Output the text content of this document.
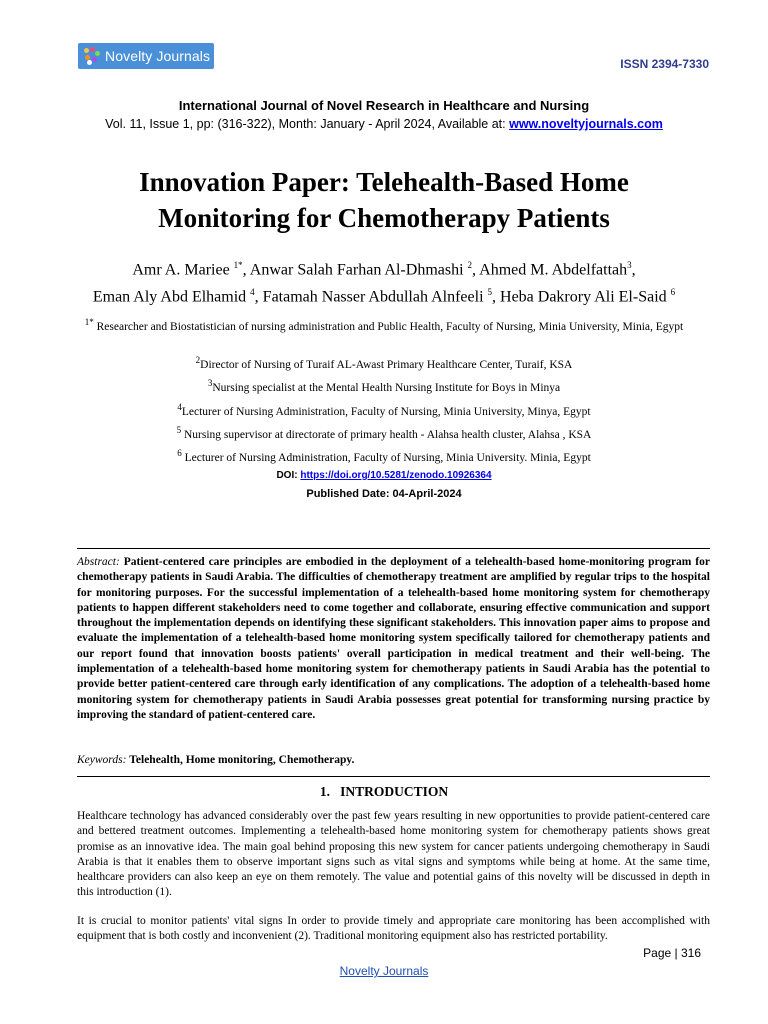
Novelty Journals	ISSN 2394-7330
International Journal of Novel Research in Healthcare and Nursing
Vol. 11, Issue 1, pp: (316-322), Month: January - April 2024, Available at: www.noveltyjournals.com
Innovation Paper: Telehealth-Based Home
Monitoring for Chemotherapy Patients
Amr A. Mariee $^{1*}$, Anwar Salah Farhan Al-Dhmashi $^2$, Ahmed M. Abdelfattah$^3$,
Eman Aly Abd Elhamid $^4$, Fatamah Nasser Abdullah Alnfeeli $^5$, Heba Dakrory Ali El-Said $^6$
$^{1*}$ Researcher and Biostatistician of nursing administration and Public Health, Faculty of Nursing, Minia University, Minia, Egypt
$^2$Director of Nursing of Turaif AL-Awast Primary Healthcare Center, Turaif, KSA
$^3$Nursing specialist at the Mental Health Nursing Institute for Boys in Minya
$^4$Lecturer of Nursing Administration, Faculty of Nursing, Minia University, Minya, Egypt
$^5$ Nursing supervisor at directorate of primary health - Alahsa health cluster, Alahsa , KSA
$^6$ Lecturer of Nursing Administration, Faculty of Nursing, Minia University. Minia, Egypt
DOI: https://doi.org/10.5281/zenodo.10926364
Published Date: 04-April-2024
Abstract: Patient-centered care principles are embodied in the deployment of a telehealth-based home-monitoring program for chemotherapy patients in Saudi Arabia. The difficulties of chemotherapy treatment are amplified by regular trips to the hospital for monitoring purposes. For the successful implementation of a telehealth-based home monitoring system for chemotherapy patients to happen different stakeholders need to come together and collaborate, ensuring effective communication and support throughout the implementation depends on identifying these significant stakeholders. This innovation paper aims to propose and evaluate the implementation of a telehealth-based home monitoring system specifically tailored for chemotherapy patients and our report found that innovation boosts patients' overall participation in medical treatment and their well-being. The implementation of a telehealth-based home monitoring system for chemotherapy patients in Saudi Arabia has the potential to provide better patient-centered care through early identification of any complications. The adoption of a telehealth-based home monitoring system for chemotherapy patients in Saudi Arabia possesses great potential for transforming nursing practice by improving the standard of patient-centered care.
Keywords: Telehealth, Home monitoring, Chemotherapy.
1.   INTRODUCTION
Healthcare technology has advanced considerably over the past few years resulting in new opportunities to provide patient-centered care and bettered treatment outcomes. Implementing a telehealth-based home monitoring system for chemotherapy patients shows great promise as an innovative idea. The main goal behind proposing this new system for cancer patients undergoing chemotherapy in Saudi Arabia is that it enables them to observe important signs such as vital signs and symptoms while being at home. At the same time, healthcare providers can also keep an eye on them remotely. The value and potential gains of this novelty will be discussed in depth in this introduction (1).
It is crucial to monitor patients' vital signs In order to provide timely and appropriate care monitoring has been accomplished with equipment that is both costly and inconvenient (2). Traditional monitoring equipment also has restricted portability.
Page | 316
Novelty Journals
